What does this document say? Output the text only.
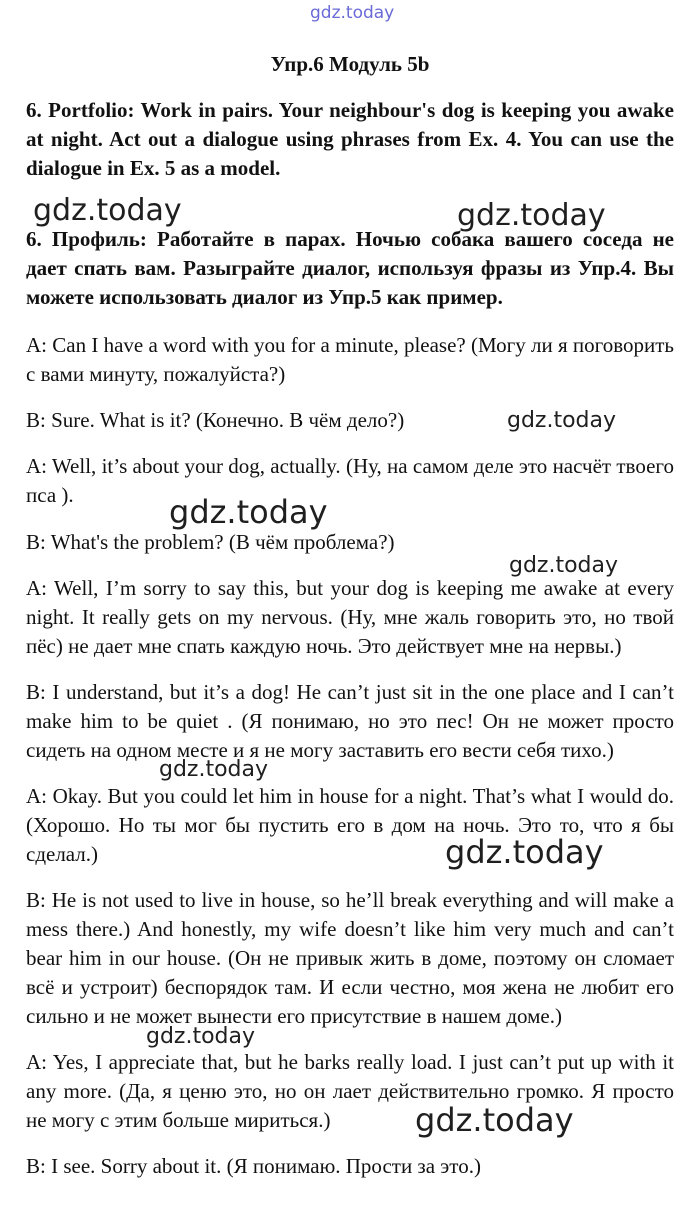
gdz.today
Упр.6 Модуль 5b
6. Portfolio: Work in pairs. Your neighbour's dog is keeping you awake at night. Act out a dialogue using phrases from Ex. 4. You can use the dialogue in Ex. 5 as a model.
6. Профиль: Работайте в парах. Ночью собака вашего соседа не дает спать вам. Разыграйте диалог, используя фразы из Упр.4. Вы можете использовать диалог из Упр.5 как пример.
A: Can I have a word with you for a minute, please? (Могу ли я поговорить с вами минуту, пожалуйста?)
B: Sure. What is it? (Конечно. В чём дело?)
A: Well, it’s about your dog, actually. (Ну, на самом деле это насчёт твоего пса ).
B: What's the problem? (В чём проблема?)
A: Well, I’m sorry to say this, but your dog is keeping me awake at every night. It really gets on my nervous. (Ну, мне жаль говорить это, но твой пёс) не дает мне спать каждую ночь. Это действует мне на нервы.)
B: I understand, but it’s a dog! He can’t just sit in the one place and I can’t make him to be quiet . (Я понимаю, но это пес! Он не может просто сидеть на одном месте и я не могу заставить его вести себя тихо.)
A: Okay. But you could let him in house for a night. That’s what I would do. (Хорошо. Но ты мог бы пустить его в дом на ночь. Это то, что я бы сделал.)
B: He is not used to live in house, so he’ll break everything and will make a mess there.) And honestly, my wife doesn’t like him very much and can’t bear him in our house. (Он не привык жить в доме, поэтому он сломает всё и устроит) беспорядок там. И если честно, моя жена не любит его сильно и не может вынести его присутствие в нашем доме.)
A: Yes, I appreciate that, but he barks really load. I just can’t put up with it any more. (Да, я ценю это, но он лает действительно громко. Я просто не могу с этим больше мириться.)
B: I see. Sorry about it. (Я понимаю. Прости за это.)
gdz.today	gdz.today
gdz.today
gdz.today
gdz.today
gdz.today
gdz.today
gdz.today
gdz.today
